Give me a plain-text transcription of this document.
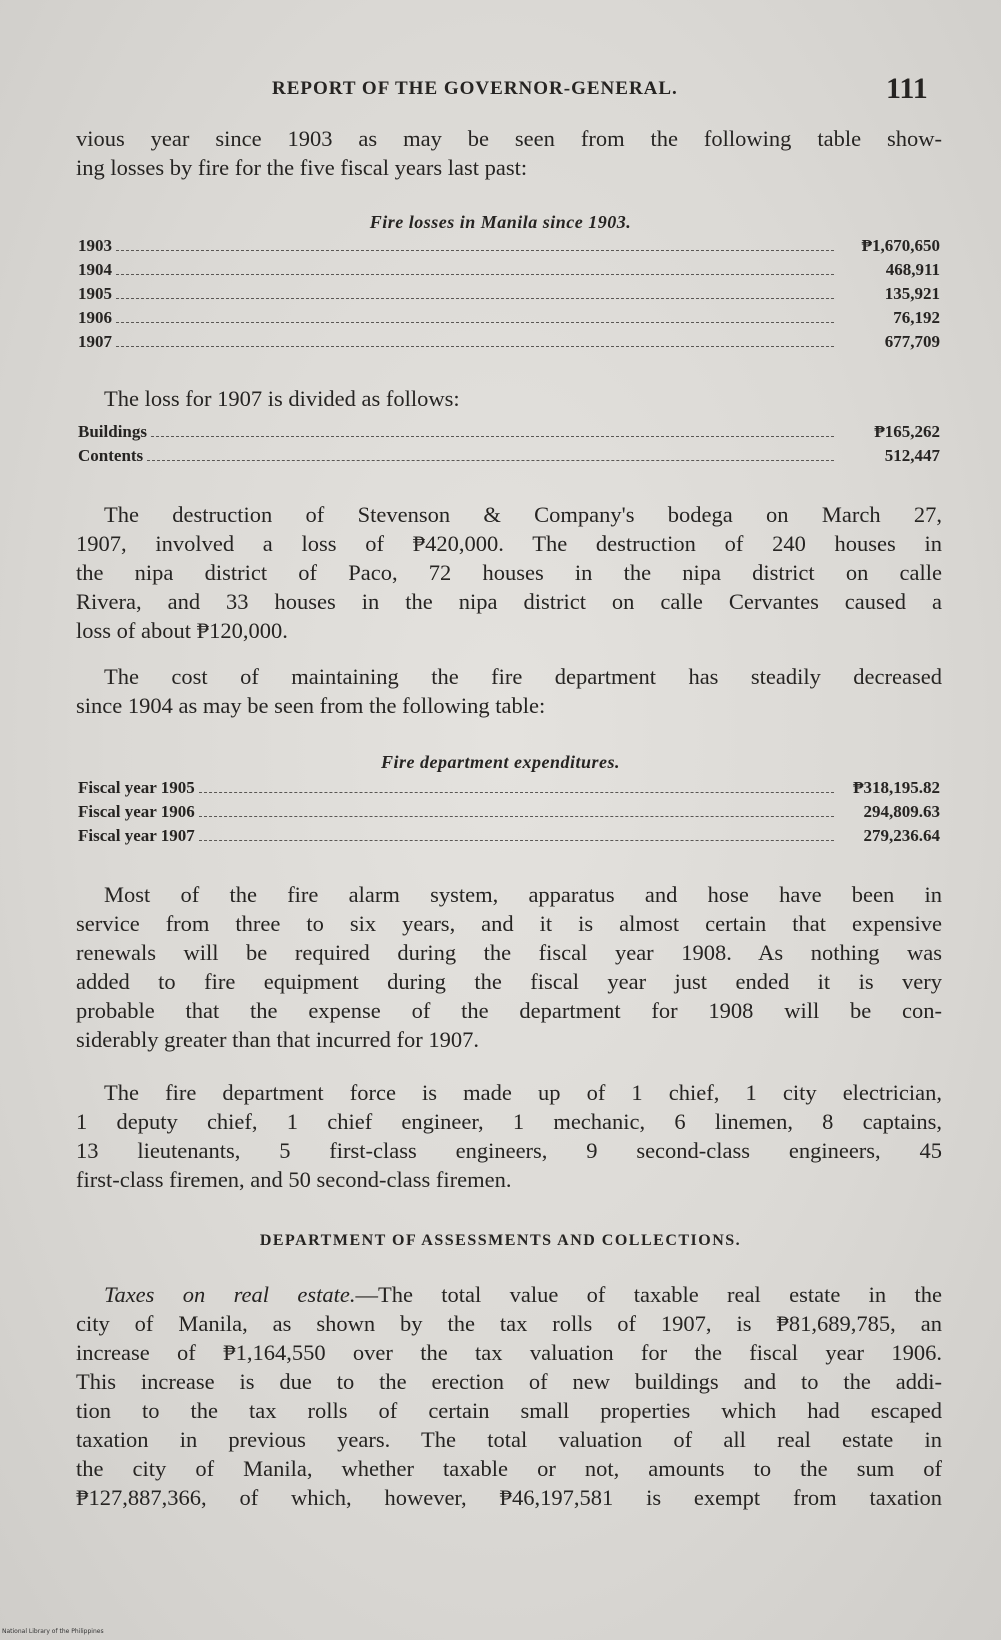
REPORT OF THE GOVERNOR-GENERAL.	111

vious year since 1903 as may be seen from the following table show-
ing losses by fire for the five fiscal years last past:

Fire losses in Manila since 1903.
1903	₱1,670,650
1904	468,911
1905	135,921
1906	76,192
1907	677,709

The loss for 1907 is divided as follows:

Buildings	₱165,262
Contents	512,447

The destruction of Stevenson & Company's bodega on March 27,
1907, involved a loss of ₱420,000. The destruction of 240 houses in
the nipa district of Paco, 72 houses in the nipa district on calle
Rivera, and 33 houses in the nipa district on calle Cervantes caused a
loss of about ₱120,000.

The cost of maintaining the fire department has steadily decreased
since 1904 as may be seen from the following table:

Fire department expenditures.
Fiscal year 1905	₱318,195.82
Fiscal year 1906	294,809.63
Fiscal year 1907	279,236.64

Most of the fire alarm system, apparatus and hose have been in
service from three to six years, and it is almost certain that expensive
renewals will be required during the fiscal year 1908. As nothing was
added to fire equipment during the fiscal year just ended it is very
probable that the expense of the department for 1908 will be con-
siderably greater than that incurred for 1907.

The fire department force is made up of 1 chief, 1 city electrician,
1 deputy chief, 1 chief engineer, 1 mechanic, 6 linemen, 8 captains,
13 lieutenants, 5 first-class engineers, 9 second-class engineers, 45
first-class firemen, and 50 second-class firemen.

DEPARTMENT OF ASSESSMENTS AND COLLECTIONS.

Taxes on real estate.—The total value of taxable real estate in the
city of Manila, as shown by the tax rolls of 1907, is ₱81,689,785, an
increase of ₱1,164,550 over the tax valuation for the fiscal year 1906.
This increase is due to the erection of new buildings and to the addi-
tion to the tax rolls of certain small properties which had escaped
taxation in previous years. The total valuation of all real estate in
the city of Manila, whether taxable or not, amounts to the sum of
₱127,887,366, of which, however, ₱46,197,581 is exempt from taxation

National Library of the Philippines
